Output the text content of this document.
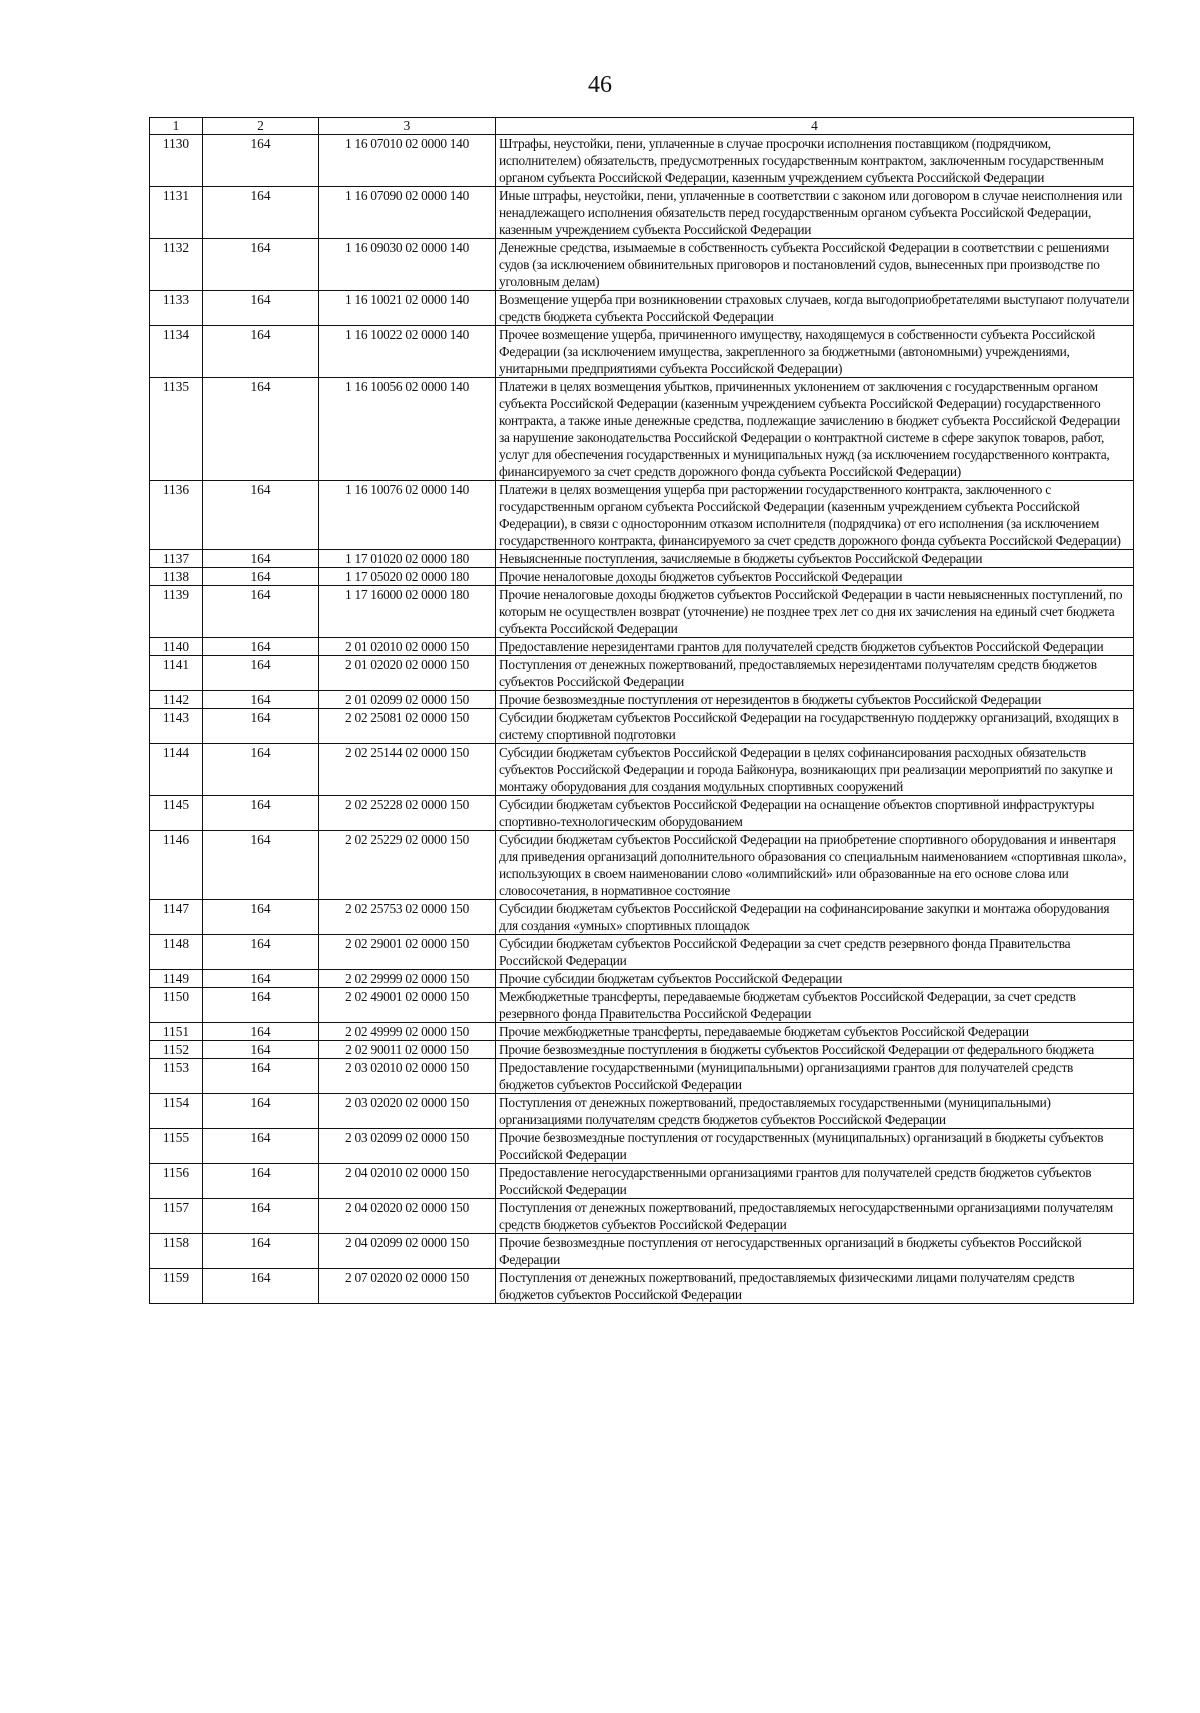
46
1	2	3	4
1130	164	1 16 07010 02 0000 140	Штрафы, неустойки, пени, уплаченные в случае просрочки исполнения поставщиком (подрядчиком, исполнителем) обязательств, предусмотренных государственным контрактом, заключенным государственным органом субъекта Российской Федерации, казенным учреждением субъекта Российской Федерации
1131	164	1 16 07090 02 0000 140	Иные штрафы, неустойки, пени, уплаченные в соответствии с законом или договором в случае неисполнения или ненадлежащего исполнения обязательств перед государственным органом субъекта Российской Федерации, казенным учреждением субъекта Российской Федерации
1132	164	1 16 09030 02 0000 140	Денежные средства, изымаемые в собственность субъекта Российской Федерации в соответствии с решениями судов (за исключением обвинительных приговоров и постановлений судов, вынесенных при производстве по уголовным делам)
1133	164	1 16 10021 02 0000 140	Возмещение ущерба при возникновении страховых случаев, когда выгодоприобретателями выступают получатели средств бюджета субъекта Российской Федерации
1134	164	1 16 10022 02 0000 140	Прочее возмещение ущерба, причиненного имуществу, находящемуся в собственности субъекта Российской Федерации (за исключением имущества, закрепленного за бюджетными (автономными) учреждениями, унитарными предприятиями субъекта Российской Федерации)
1135	164	1 16 10056 02 0000 140	Платежи в целях возмещения убытков, причиненных уклонением от заключения с государственным органом субъекта Российской Федерации (казенным учреждением субъекта Российской Федерации) государственного контракта, а также иные денежные средства, подлежащие зачислению в бюджет субъекта Российской Федерации за нарушение законодательства Российской Федерации о контрактной системе в сфере закупок товаров, работ, услуг для обеспечения государственных и муниципальных нужд (за исключением государственного контракта, финансируемого за счет средств дорожного фонда субъекта Российской Федерации)
1136	164	1 16 10076 02 0000 140	Платежи в целях возмещения ущерба при расторжении государственного контракта, заключенного с государственным органом субъекта Российской Федерации (казенным учреждением субъекта Российской Федерации), в связи с односторонним отказом исполнителя (подрядчика) от его исполнения (за исключением государственного контракта, финансируемого за счет средств дорожного фонда субъекта Российской Федерации)
1137	164	1 17 01020 02 0000 180	Невыясненные поступления, зачисляемые в бюджеты субъектов Российской Федерации
1138	164	1 17 05020 02 0000 180	Прочие неналоговые доходы бюджетов субъектов Российской Федерации
1139	164	1 17 16000 02 0000 180	Прочие неналоговые доходы бюджетов субъектов Российской Федерации в части невыясненных поступлений, по которым не осуществлен возврат (уточнение) не позднее трех лет со дня их зачисления на единый счет бюджета субъекта Российской Федерации
1140	164	2 01 02010 02 0000 150	Предоставление нерезидентами грантов для получателей средств бюджетов субъектов Российской Федерации
1141	164	2 01 02020 02 0000 150	Поступления от денежных пожертвований, предоставляемых нерезидентами получателям средств бюджетов субъектов Российской Федерации
1142	164	2 01 02099 02 0000 150	Прочие безвозмездные поступления от нерезидентов в бюджеты субъектов Российской Федерации
1143	164	2 02 25081 02 0000 150	Субсидии бюджетам субъектов Российской Федерации на государственную поддержку организаций, входящих в систему спортивной подготовки
1144	164	2 02 25144 02 0000 150	Субсидии бюджетам субъектов Российской Федерации в целях софинансирования расходных обязательств субъектов Российской Федерации и города Байконура, возникающих при реализации мероприятий по закупке и монтажу оборудования для создания модульных спортивных сооружений
1145	164	2 02 25228 02 0000 150	Субсидии бюджетам субъектов Российской Федерации на оснащение объектов спортивной инфраструктуры спортивно-технологическим оборудованием
1146	164	2 02 25229 02 0000 150	Субсидии бюджетам субъектов Российской Федерации на приобретение спортивного оборудования и инвентаря для приведения организаций дополнительного образования со специальным наименованием «спортивная школа», использующих в своем наименовании слово «олимпийский» или образованные на его основе слова или словосочетания, в нормативное состояние
1147	164	2 02 25753 02 0000 150	Субсидии бюджетам субъектов Российской Федерации на софинансирование закупки и монтажа оборудования для создания «умных» спортивных площадок
1148	164	2 02 29001 02 0000 150	Субсидии бюджетам субъектов Российской Федерации за счет средств резервного фонда Правительства Российской Федерации
1149	164	2 02 29999 02 0000 150	Прочие субсидии бюджетам субъектов Российской Федерации
1150	164	2 02 49001 02 0000 150	Межбюджетные трансферты, передаваемые бюджетам субъектов Российской Федерации, за счет средств резервного фонда Правительства Российской Федерации
1151	164	2 02 49999 02 0000 150	Прочие межбюджетные трансферты, передаваемые бюджетам субъектов Российской Федерации
1152	164	2 02 90011 02 0000 150	Прочие безвозмездные поступления в бюджеты субъектов Российской Федерации от федерального бюджета
1153	164	2 03 02010 02 0000 150	Предоставление государственными (муниципальными) организациями грантов для получателей средств бюджетов субъектов Российской Федерации
1154	164	2 03 02020 02 0000 150	Поступления от денежных пожертвований, предоставляемых государственными (муниципальными) организациями получателям средств бюджетов субъектов Российской Федерации
1155	164	2 03 02099 02 0000 150	Прочие безвозмездные поступления от государственных (муниципальных) организаций в бюджеты субъектов Российской Федерации
1156	164	2 04 02010 02 0000 150	Предоставление негосударственными организациями грантов для получателей средств бюджетов субъектов Российской Федерации
1157	164	2 04 02020 02 0000 150	Поступления от денежных пожертвований, предоставляемых негосударственными организациями получателям средств бюджетов субъектов Российской Федерации
1158	164	2 04 02099 02 0000 150	Прочие безвозмездные поступления от негосударственных организаций в бюджеты субъектов Российской Федерации
1159	164	2 07 02020 02 0000 150	Поступления от денежных пожертвований, предоставляемых физическими лицами получателям средств бюджетов субъектов Российской Федерации
